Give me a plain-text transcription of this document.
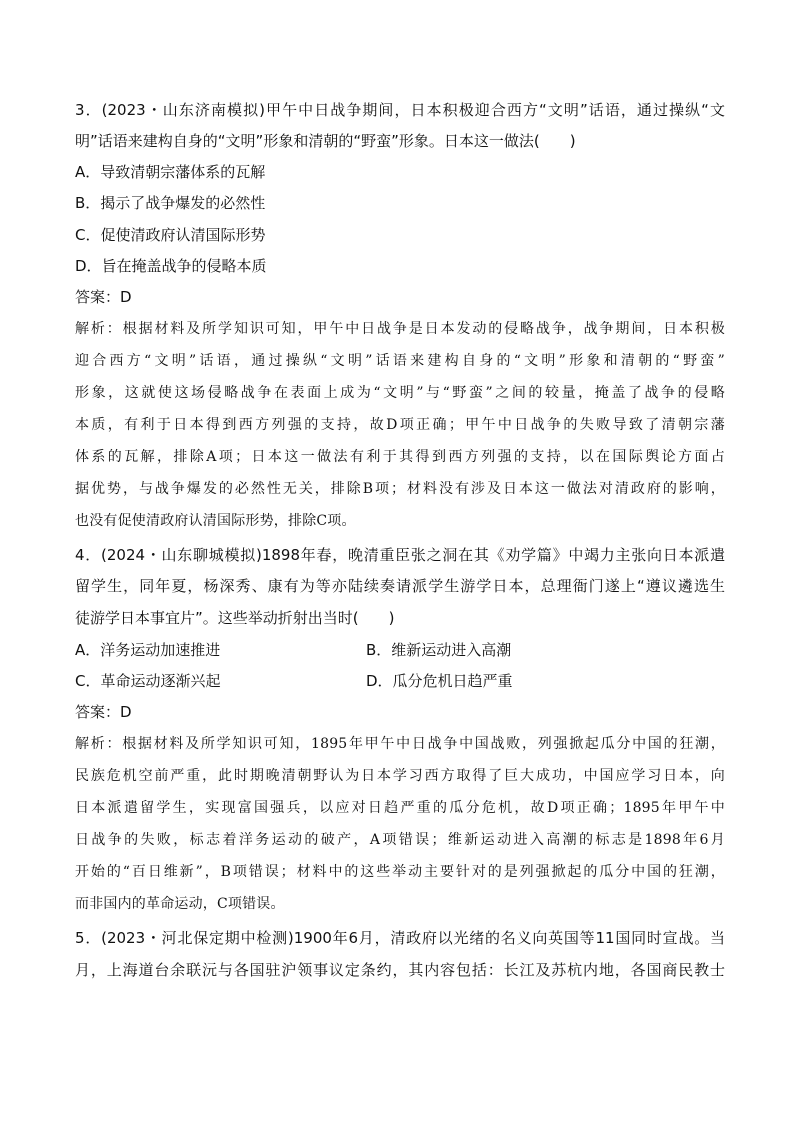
3．(2023・山东济南模拟)甲午中日战争期间，日本积极迎合西方“文明”话语，通过操纵“文
明”话语来建构自身的“文明”形象和清朝的“野蛮”形象。日本这一做法(　　)
A．导致清朝宗藩体系的瓦解
B．揭示了战争爆发的必然性
C．促使清政府认清国际形势
D．旨在掩盖战争的侵略本质
答案：D
解析：根据材料及所学知识可知，甲午中日战争是日本发动的侵略战争，战争期间，日本积极
迎合西方“文明”话语，通过操纵“文明”话语来建构自身的“文明”形象和清朝的“野蛮”
形象，这就使这场侵略战争在表面上成为“文明”与“野蛮”之间的较量，掩盖了战争的侵略
本质，有利于日本得到西方列强的支持，故D项正确；甲午中日战争的失败导致了清朝宗藩
体系的瓦解，排除A项；日本这一做法有利于其得到西方列强的支持，以在国际舆论方面占
据优势，与战争爆发的必然性无关，排除B项；材料没有涉及日本这一做法对清政府的影响，
也没有促使清政府认清国际形势，排除C项。
4．(2024・山东聊城模拟)1898年春，晚清重臣张之洞在其《劝学篇》中竭力主张向日本派遣
留学生，同年夏，杨深秀、康有为等亦陆续奏请派学生游学日本，总理衙门遂上“遵议遴选生
徒游学日本事宜片”。这些举动折射出当时(　　)
A．洋务运动加速推进	B．维新运动进入高潮
C．革命运动逐渐兴起	D．瓜分危机日趋严重
答案：D
解析：根据材料及所学知识可知，1895年甲午中日战争中国战败，列强掀起瓜分中国的狂潮，
民族危机空前严重，此时期晚清朝野认为日本学习西方取得了巨大成功，中国应学习日本，向
日本派遣留学生，实现富国强兵，以应对日趋严重的瓜分危机，故D项正确；1895年甲午中
日战争的失败，标志着洋务运动的破产，A项错误；维新运动进入高潮的标志是1898年6月
开始的“百日维新”，B项错误；材料中的这些举动主要针对的是列强掀起的瓜分中国的狂潮，
而非国内的革命运动，C项错误。
5．(2023・河北保定期中检测)1900年6月，清政府以光绪的名义向英国等11国同时宣战。当
月，上海道台余联沅与各国驻沪领事议定条约，其内容包括：长江及苏杭内地，各国商民教士
